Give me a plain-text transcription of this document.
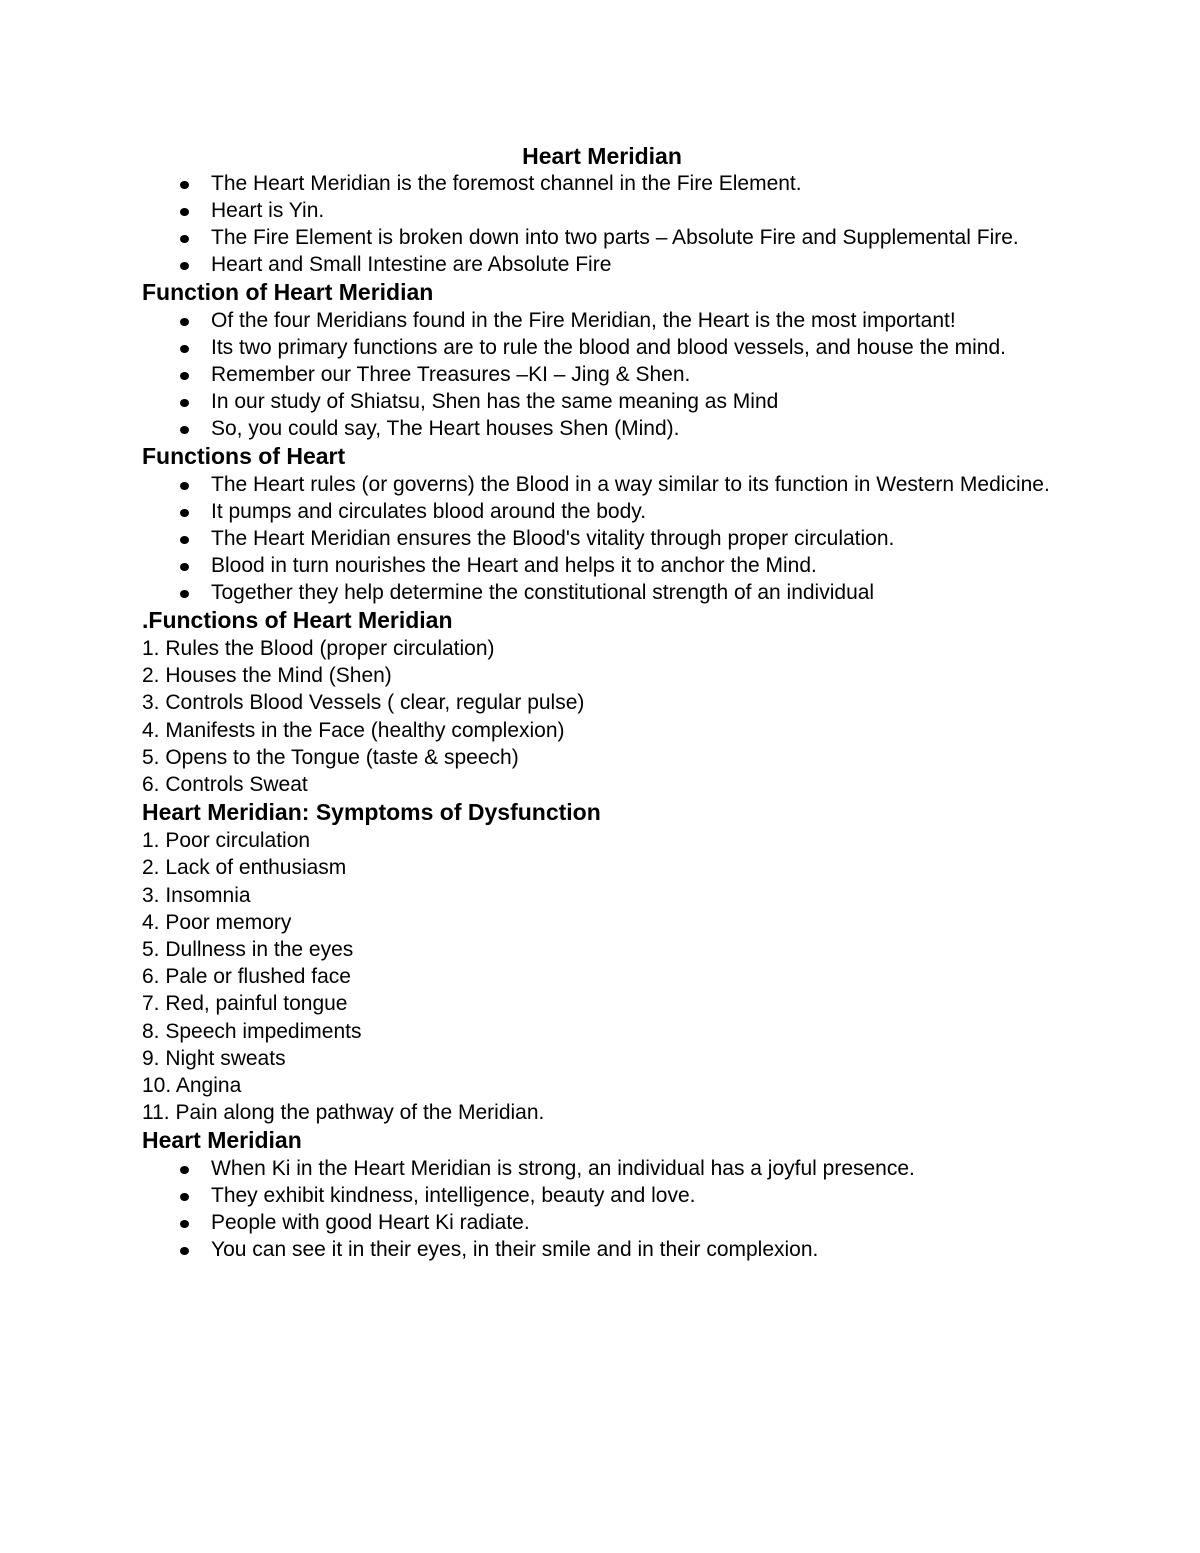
Heart Meridian
The Heart Meridian is the foremost channel in the Fire Element.
Heart is Yin.
The Fire Element is broken down into two parts – Absolute Fire and Supplemental Fire.
Heart and Small Intestine are Absolute Fire
Function of Heart Meridian
Of the four Meridians found in the Fire Meridian, the Heart is the most important!
Its two primary functions are to rule the blood and blood vessels, and house the mind.
Remember our Three Treasures –KI – Jing & Shen.
In our study of Shiatsu, Shen has the same meaning as Mind
So, you could say, The Heart houses Shen (Mind).
Functions of Heart
The Heart rules (or governs) the Blood in a way similar to its function in Western Medicine.
It pumps and circulates blood around the body.
The Heart Meridian ensures the Blood's vitality through proper circulation.
Blood in turn nourishes the Heart and helps it to anchor the Mind.
Together they help determine the constitutional strength of an individual
.Functions of Heart Meridian

1. Rules the Blood (proper circulation)

2. Houses the Mind (Shen)

3. Controls Blood Vessels ( clear, regular pulse)

4. Manifests in the Face (healthy complexion)

5. Opens to the Tongue (taste & speech)

6. Controls Sweat

Heart Meridian: Symptoms of Dysfunction

1. Poor circulation

2. Lack of enthusiasm

3. Insomnia

4. Poor memory

5. Dullness in the eyes

6. Pale or flushed face

7. Red, painful tongue

8. Speech impediments

9. Night sweats

10. Angina

11. Pain along the pathway of the Meridian.

Heart Meridian
When Ki in the Heart Meridian is strong, an individual has a joyful presence.
They exhibit kindness, intelligence, beauty and love.
People with good Heart Ki radiate.
You can see it in their eyes, in their smile and in their complexion.
